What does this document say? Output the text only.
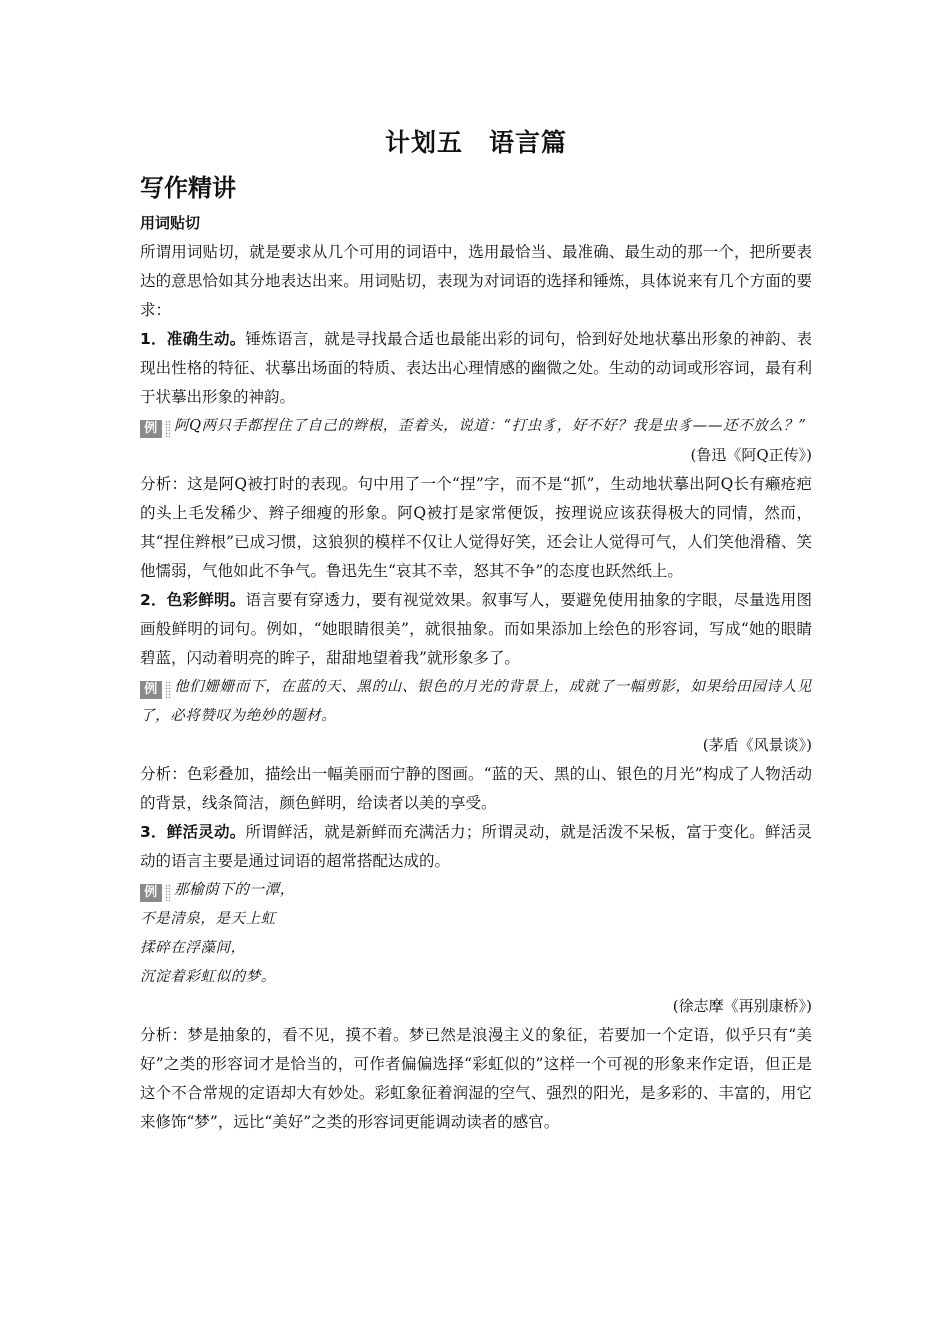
计划五　语言篇
写作精讲
用词贴切

所谓用词贴切，就是要求从几个可用的词语中，选用最恰当、最准确、最生动的那一个，把所要表达的意思恰如其分地表达出来。用词贴切，表现为对词语的选择和锤炼，具体说来有几个方面的要求：

1．准确生动。锤炼语言，就是寻找最合适也最能出彩的词句，恰到好处地状摹出形象的神韵、表现出性格的特征、状摹出场面的特质、表达出心理情感的幽微之处。生动的动词或形容词，最有利于状摹出形象的神韵。

例 阿Q两只手都捏住了自己的辫根，歪着头，说道：“打虫豸，好不好？我是虫豸——还不放么？”

(鲁迅《阿Q正传》)

分析：这是阿Q被打时的表现。句中用了一个“捏”字，而不是“抓”，生动地状摹出阿Q长有癞疮疤的头上毛发稀少、辫子细瘦的形象。阿Q被打是家常便饭，按理说应该获得极大的同情，然而，其“捏住辫根”已成习惯，这狼狈的模样不仅让人觉得好笑，还会让人觉得可气，人们笑他滑稽、笑他懦弱，气他如此不争气。鲁迅先生“哀其不幸，怒其不争”的态度也跃然纸上。

2．色彩鲜明。语言要有穿透力，要有视觉效果。叙事写人，要避免使用抽象的字眼，尽量选用图画般鲜明的词句。例如，“她眼睛很美”，就很抽象。而如果添加上绘色的形容词，写成“她的眼睛碧蓝，闪动着明亮的眸子，甜甜地望着我”就形象多了。

例 他们姗姗而下，在蓝的天、黑的山、银色的月光的背景上，成就了一幅剪影，如果给田园诗人见了，必将赞叹为绝妙的题材。

(茅盾《风景谈》)

分析：色彩叠加，描绘出一幅美丽而宁静的图画。“蓝的天、黑的山、银色的月光”构成了人物活动的背景，线条简洁，颜色鲜明，给读者以美的享受。

3．鲜活灵动。所谓鲜活，就是新鲜而充满活力；所谓灵动，就是活泼不呆板，富于变化。鲜活灵动的语言主要是通过词语的超常搭配达成的。

例 那榆荫下的一潭，
不是清泉，是天上虹
揉碎在浮藻间，
沉淀着彩虹似的梦。
(徐志摩《再别康桥》)

分析：梦是抽象的，看不见，摸不着。梦已然是浪漫主义的象征，若要加一个定语，似乎只有“美好”之类的形容词才是恰当的，可作者偏偏选择“彩虹似的”这样一个可视的形象来作定语，但正是这个不合常规的定语却大有妙处。彩虹象征着润湿的空气、强烈的阳光，是多彩的、丰富的，用它来修饰“梦”，远比“美好”之类的形容词更能调动读者的感官。
